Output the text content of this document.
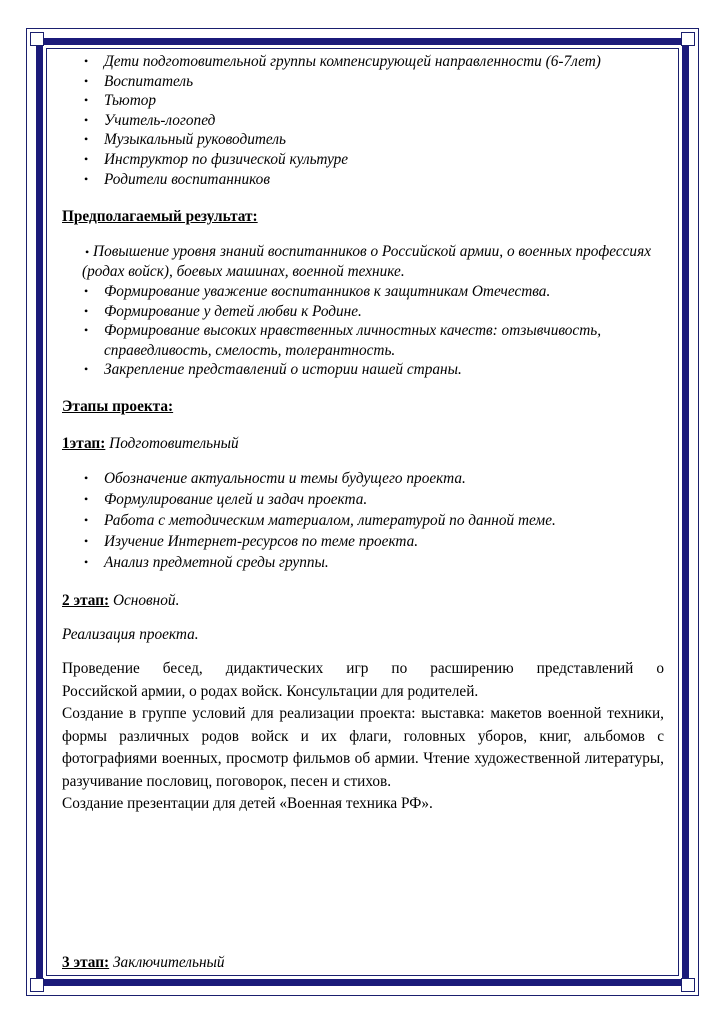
• Дети подготовительной группы компенсирующей направленности (6-7лет)
• Воспитатель
• Тьютор
• Учитель-логопед
• Музыкальный руководитель
• Инструктор по физической культуре
• Родители воспитанников

Предполагаемый результат:

• Повышение уровня знаний воспитанников о Российской армии, о военных профессиях (родах войск), боевых машинах, военной технике.

• Формирование уважение воспитанников к защитникам Отечества.
• Формирование у детей любви к Родине.
• Формирование высоких нравственных личностных качеств: отзывчивость, справедливость, смелость, толерантность.
• Закрепление представлений о истории нашей страны.

Этапы проекта:

1этап: Подготовительный

• Обозначение актуальности и темы будущего проекта.
• Формулирование целей и задач проекта.
• Работа с методическим материалом, литературой по данной теме.
• Изучение Интернет-ресурсов по теме проекта.
• Анализ предметной среды группы.

2 этап: Основной.

Реализация проекта.

Проведение бесед, дидактических игр по расширению представлений о

Российской армии, о родах войск. Консультации для родителей.

Создание в группе условий для реализации проекта: выставка: макетов военной техники, формы различных родов войск и их флаги, головных уборов, книг, альбомов с фотографиями военных, просмотр фильмов об армии. Чтение художественной литературы, разучивание пословиц, поговорок, песен и стихов.

Создание презентации для детей «Военная техника РФ».

3 этап: Заключительный
